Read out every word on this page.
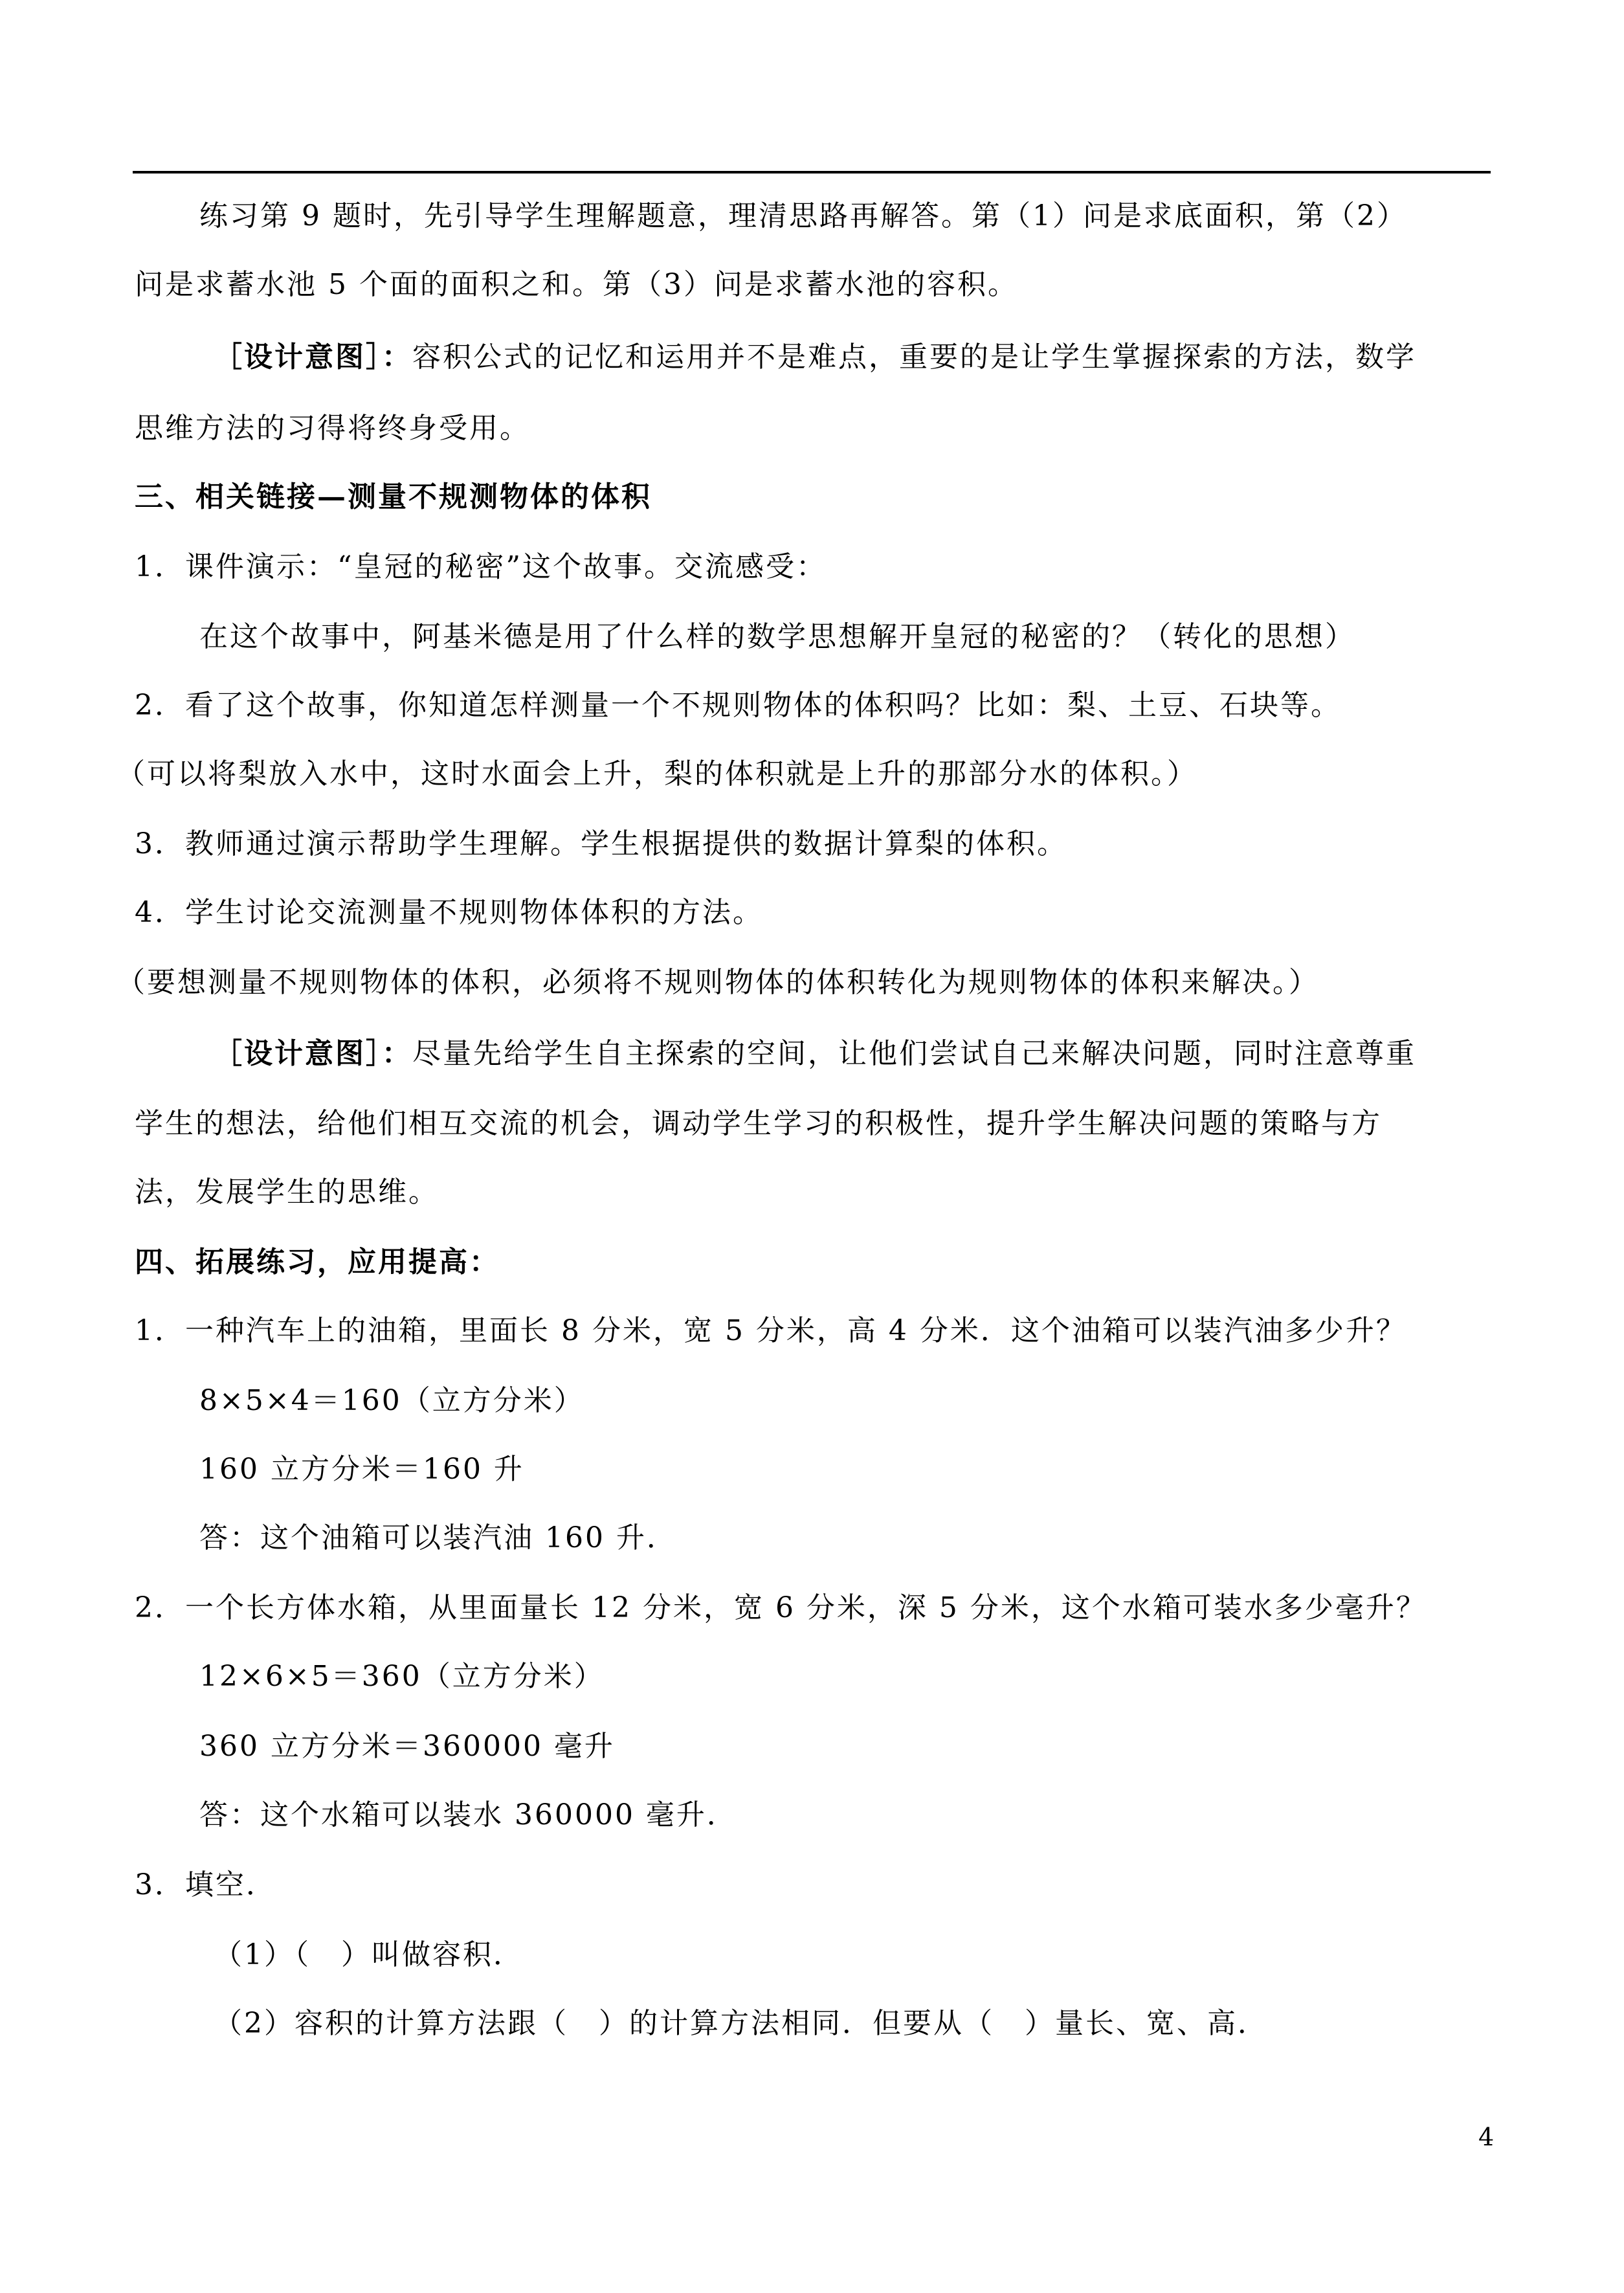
练习第 9 题时，先引导学生理解题意，理清思路再解答。第（1）问是求底面积，第（2）
问是求蓄水池 5 个面的面积之和。第（3）问是求蓄水池的容积。
［设计意图］：容积公式的记忆和运用并不是难点，重要的是让学生掌握探索的方法，数学
思维方法的习得将终身受用。
三、相关链接—测量不规测物体的体积
1．课件演示：“皇冠的秘密”这个故事。交流感受：
在这个故事中，阿基米德是用了什么样的数学思想解开皇冠的秘密的？（转化的思想）
2．看了这个故事，你知道怎样测量一个不规则物体的体积吗？比如：梨、土豆、石块等。
（可以将梨放入水中，这时水面会上升，梨的体积就是上升的那部分水的体积。）
3．教师通过演示帮助学生理解。学生根据提供的数据计算梨的体积。
4．学生讨论交流测量不规则物体体积的方法。
（要想测量不规则物体的体积，必须将不规则物体的体积转化为规则物体的体积来解决。）
［设计意图］：尽量先给学生自主探索的空间，让他们尝试自己来解决问题，同时注意尊重
学生的想法，给他们相互交流的机会，调动学生学习的积极性，提升学生解决问题的策略与方
法，发展学生的思维。
四、拓展练习，应用提高：
1．一种汽车上的油箱，里面长 8 分米，宽 5 分米，高 4 分米．这个油箱可以装汽油多少升？
8×5×4＝160（立方分米）
160 立方分米＝160 升
答：这个油箱可以装汽油 160 升．
2．一个长方体水箱，从里面量长 12 分米，宽 6 分米，深 5 分米，这个水箱可装水多少毫升？
12×6×5＝360（立方分米）
360 立方分米＝360000 毫升
答：这个水箱可以装水 360000 毫升．
3．填空．
（1）（　）叫做容积．
（2）容积的计算方法跟（　）的计算方法相同．但要从（　）量长、宽、高．
4
